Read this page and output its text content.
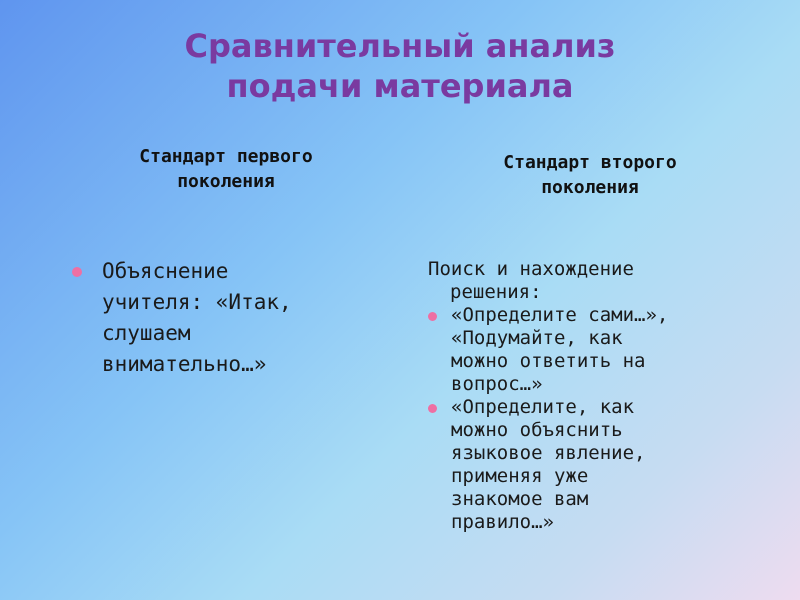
Сравнительный анализ
подачи материала
Стандарт первого
поколения
Стандарт второго
поколения
Объяснение
учителя: «Итак,
слушаем
внимательно…»
Поиск и нахождение
решения:
«Определите сами…»,
«Подумайте, как
можно ответить на
вопрос…»
«Определите, как
можно объяснить
языковое явление,
применяя уже
знакомое вам
правило…»
